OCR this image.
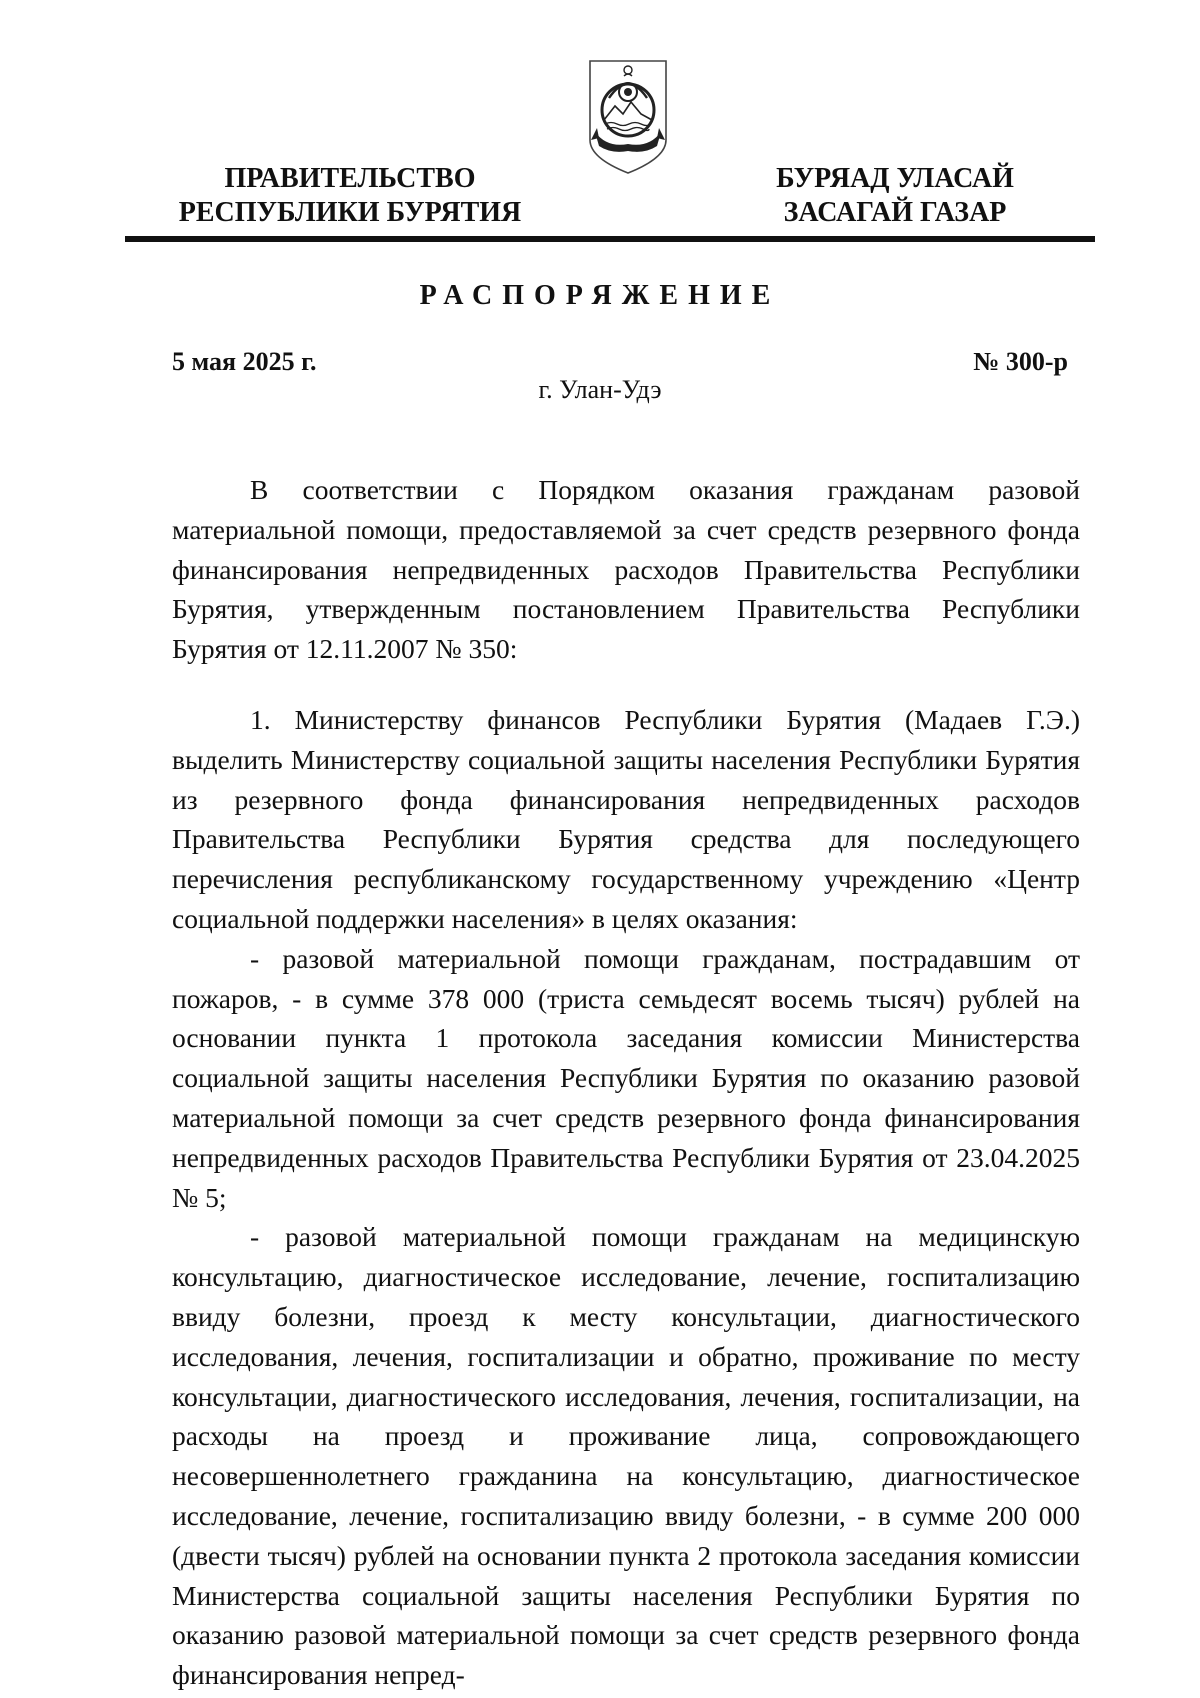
ПРАВИТЕЛЬСТВО
РЕСПУБЛИКИ БУРЯТИЯ
БУРЯАД УЛАСАЙ
ЗАСАГАЙ ГАЗАР
РАСПОРЯЖЕНИЕ
5 мая 2025 г.	№ 300-р
г. Улан-Удэ

В соответствии с Порядком оказания гражданам разовой материальной помощи, предоставляемой за счет средств резервного фонда финансирования непредвиденных расходов Правительства Республики Бурятия, утвержденным постановлением Правительства Республики Бурятия от 12.11.2007 № 350:

1. Министерству финансов Республики Бурятия (Мадаев Г.Э.) выделить Министерству социальной защиты населения Республики Бурятия из резервного фонда финансирования непредвиденных расходов Правительства Республики Бурятия средства для последующего перечисления республиканскому государственному учреждению «Центр социальной поддержки населения» в целях оказания:

- разовой материальной помощи гражданам, пострадавшим от пожаров, - в сумме 378 000 (триста семьдесят восемь тысяч) рублей на основании пункта 1 протокола заседания комиссии Министерства социальной защиты населения Республики Бурятия по оказанию разовой материальной помощи за счет средств резервного фонда финансирования непредвиденных расходов Правительства Республики Бурятия от 23.04.2025 № 5;

- разовой материальной помощи гражданам на медицинскую консультацию, диагностическое исследование, лечение, госпитализацию ввиду болезни, проезд к месту консультации, диагностического исследования, лечения, госпитализации и обратно, проживание по месту консультации, диагностического исследования, лечения, госпитализации, на расходы на проезд и проживание лица, сопровождающего несовершеннолетнего гражданина на консультацию, диагностическое исследование, лечение, госпитализацию ввиду болезни, - в сумме 200 000 (двести тысяч) рублей на основании пункта 2 протокола заседания комиссии Министерства социальной защиты населения Республики Бурятия по оказанию разовой материальной помощи за счет средств резервного фонда финансирования непред-
